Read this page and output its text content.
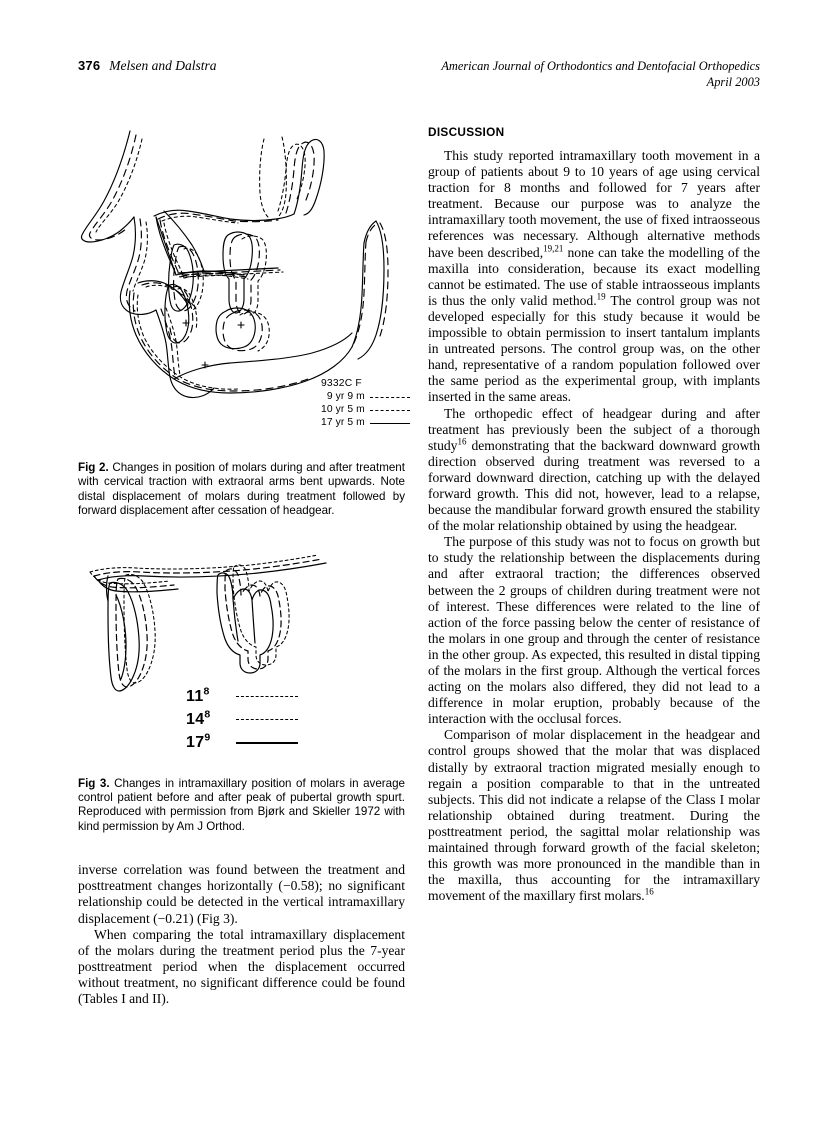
376 Melsen and Dalstra	American Journal of Orthodontics and Dentofacial Orthopedics
April 2003
9332C F
9 yr 9 m
10 yr 5 m
17 yr 5 m

Fig 2. Changes in position of molars during and after treatment with cervical traction with extraoral arms bent upwards. Note distal displacement of molars during treatment followed by forward displacement after cessation of headgear.

$11^8$
$14^8$
$17^9$

Fig 3. Changes in intramaxillary position of molars in average control patient before and after peak of pubertal growth spurt. Reproduced with permission from Bjørk and Skieller 1972 with kind permission by Am J Orthod.

inverse correlation was found between the treatment and posttreatment changes horizontally (−0.58); no significant relationship could be detected in the vertical intramaxillary displacement (−0.21) (Fig 3).

When comparing the total intramaxillary displacement of the molars during the treatment period plus the 7-year posttreatment period when the displacement occurred without treatment, no significant difference could be found (Tables I and II).

DISCUSSION

This study reported intramaxillary tooth movement in a group of patients about 9 to 10 years of age using cervical traction for 8 months and followed for 7 years after treatment. Because our purpose was to analyze the intramaxillary tooth movement, the use of fixed intraosseous references was necessary. Although alternative methods have been described,$^{19,21}$ none can take the modelling of the maxilla into consideration, because its exact modelling cannot be estimated. The use of stable intraosseous implants is thus the only valid method.$^{19}$ The control group was not developed especially for this study because it would be impossible to obtain permission to insert tantalum implants in untreated persons. The control group was, on the other hand, representative of a random population followed over the same period as the experimental group, with implants inserted in the same areas.

The orthopedic effect of headgear during and after treatment has previously been the subject of a thorough study$^{16}$ demonstrating that the backward downward growth direction observed during treatment was reversed to a forward downward direction, catching up with the delayed forward growth. This did not, however, lead to a relapse, because the mandibular forward growth ensured the stability of the molar relationship obtained by using the headgear.

The purpose of this study was not to focus on growth but to study the relationship between the displacements during and after extraoral traction; the differences observed between the 2 groups of children during treatment were not of interest. These differences were related to the line of action of the force passing below the center of resistance of the molars in one group and through the center of resistance in the other group. As expected, this resulted in distal tipping of the molars in the first group. Although the vertical forces acting on the molars also differed, they did not lead to a difference in molar eruption, probably because of the interaction with the occlusal forces.

Comparison of molar displacement in the headgear and control groups showed that the molar that was displaced distally by extraoral traction migrated mesially enough to regain a position comparable to that in the untreated subjects. This did not indicate a relapse of the Class I molar relationship obtained during treatment. During the posttreatment period, the sagittal molar relationship was maintained through forward growth of the facial skeleton; this growth was more pronounced in the mandible than in the maxilla, thus accounting for the intramaxillary movement of the maxillary first molars.$^{16}$
